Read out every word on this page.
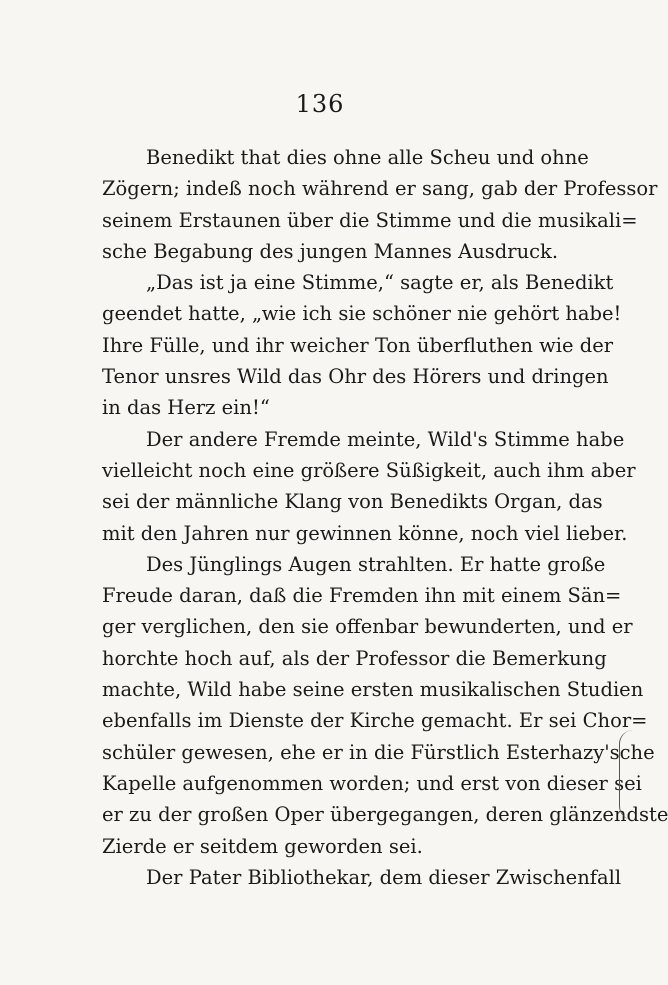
136
Benedikt that dies ohne alle Scheu und ohne
Zögern; indeß noch während er sang, gab der Professor
seinem Erstaunen über die Stimme und die musikali=
sche Begabung des jungen Mannes Ausdruck.
„Das ist ja eine Stimme,“ sagte er, als Benedikt
geendet hatte, „wie ich sie schöner nie gehört habe!
Ihre Fülle, und ihr weicher Ton überfluthen wie der
Tenor unsres Wild das Ohr des Hörers und dringen
in das Herz ein!“
Der andere Fremde meinte, Wild's Stimme habe
vielleicht noch eine größere Süßigkeit, auch ihm aber
sei der männliche Klang von Benedikts Organ, das
mit den Jahren nur gewinnen könne, noch viel lieber.
Des Jünglings Augen strahlten. Er hatte große
Freude daran, daß die Fremden ihn mit einem Sän=
ger verglichen, den sie offenbar bewunderten, und er
horchte hoch auf, als der Professor die Bemerkung
machte, Wild habe seine ersten musikalischen Studien
ebenfalls im Dienste der Kirche gemacht. Er sei Chor=
schüler gewesen, ehe er in die Fürstlich Esterhazy'sche
Kapelle aufgenommen worden; und erst von dieser sei
er zu der großen Oper übergegangen, deren glänzendste
Zierde er seitdem geworden sei.
Der Pater Bibliothekar, dem dieser Zwischenfall
